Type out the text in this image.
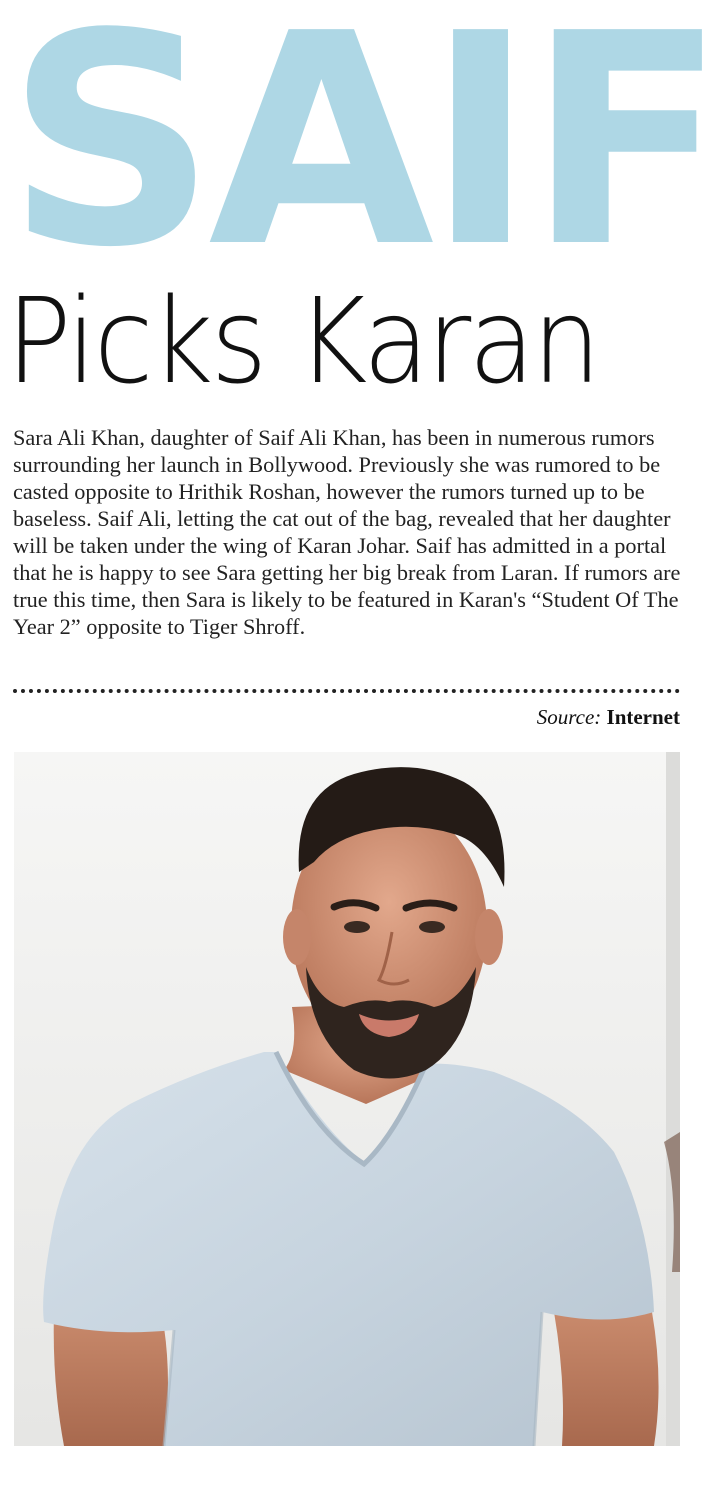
SAIF
Picks Karan

Sara Ali Khan, daughter of Saif Ali Khan, has been in numerous rumors surrounding her launch in Bollywood. Previously she was rumored to be casted opposite to Hrithik Roshan, however the rumors turned up to be baseless. Saif Ali, letting the cat out of the bag, revealed that her daughter will be taken under the wing of Karan Johar. Saif has admitted in a portal that he is happy to see Sara getting her big break from Laran. If rumors are true this time, then Sara is likely to be featured in Karan's “Student Of The Year 2” opposite to Tiger Shroff.

Source: Internet
